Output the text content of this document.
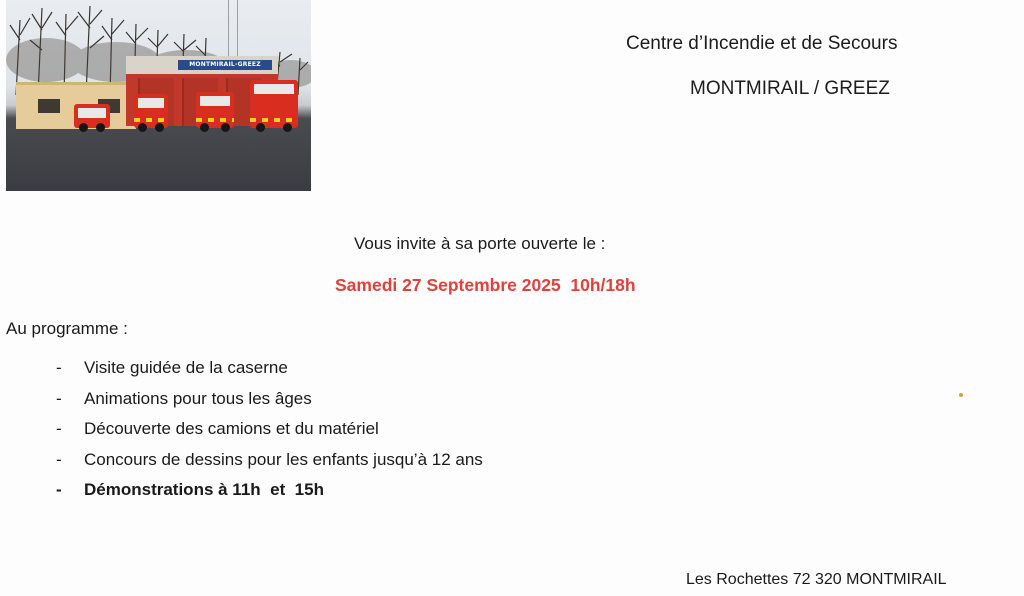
MONTMIRAIL-GREEZ
Centre d’Incendie et de Secours
MONTMIRAIL / GREEZ
Vous invite à sa porte ouverte le :
Samedi 27 Septembre 2025  10h/18h
Au programme :

-

Visite guidée de la caserne

-

Animations pour tous les âges

-

Découverte des camions et du matériel

-

Concours de dessins pour les enfants jusqu’à 12 ans

-

Démonstrations à 11h  et  15h

Les Rochettes 72 320 MONTMIRAIL
